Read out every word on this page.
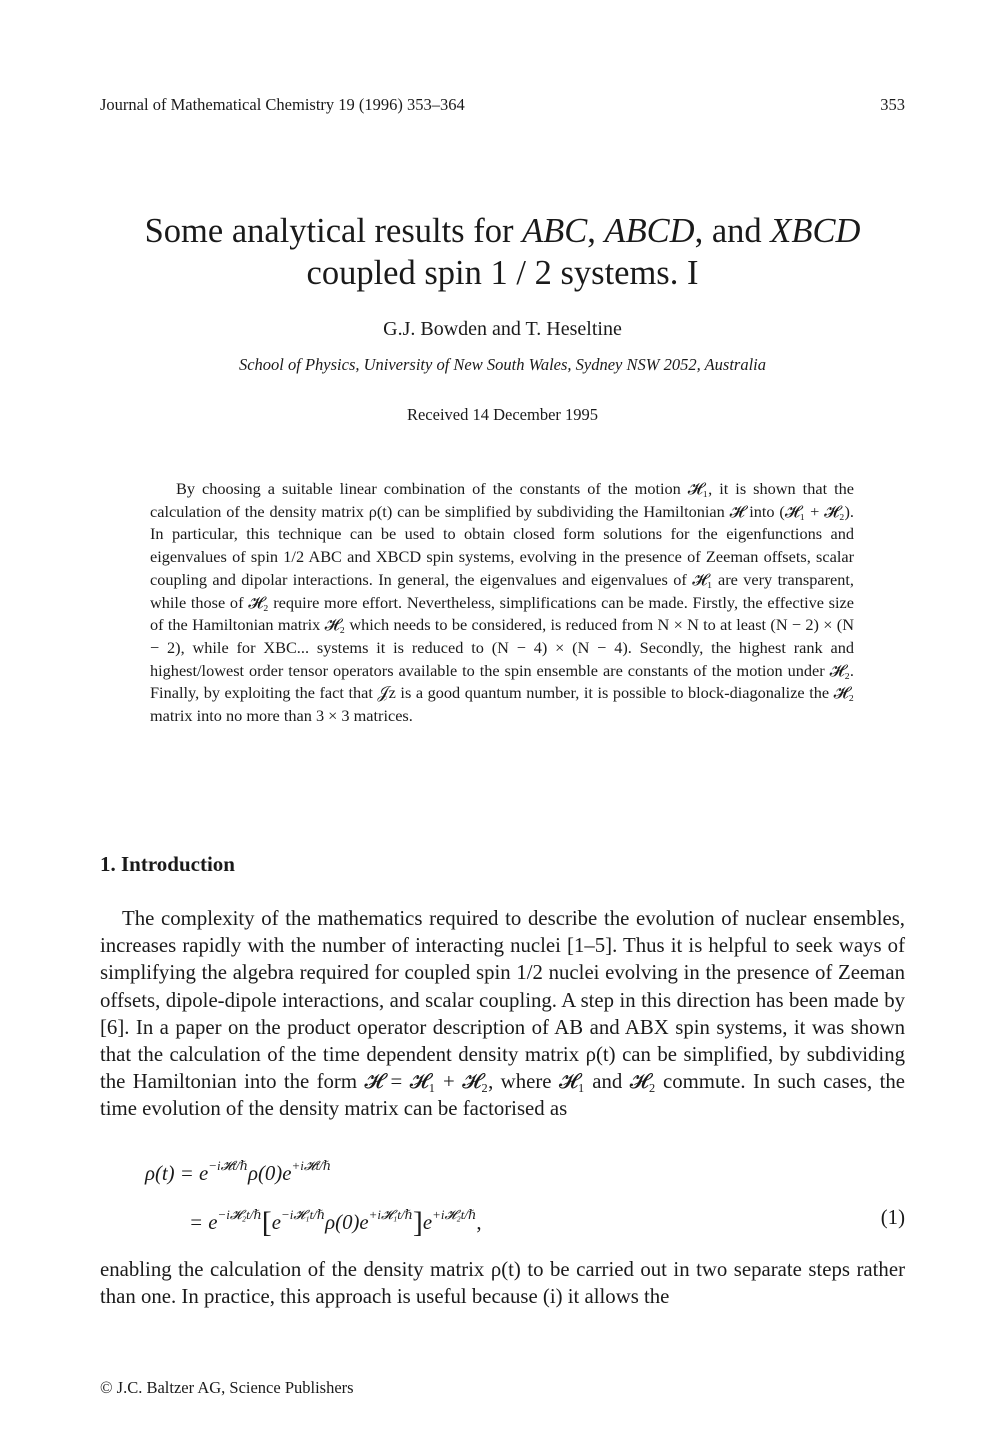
Journal of Mathematical Chemistry 19 (1996) 353–364	353
Some analytical results for ABC, ABCD, and XBCD
coupled spin 1 / 2 systems. I
G.J. Bowden and T. Heseltine
School of Physics, University of New South Wales, Sydney NSW 2052, Australia
Received 14 December 1995

By choosing a suitable linear combination of the constants of the motion 𝓗₁, it is shown that the calculation of the density matrix ρ(t) can be simplified by subdividing the Hamiltonian 𝓗 into (𝓗₁ + 𝓗₂). In particular, this technique can be used to obtain closed form solutions for the eigenfunctions and eigenvalues of spin 1/2 ABC and XBCD spin systems, evolving in the presence of Zeeman offsets, scalar coupling and dipolar interactions. In general, the eigenvalues and eigenvalues of 𝓗₁ are very transparent, while those of 𝓗₂ require more effort. Nevertheless, simplifications can be made. Firstly, the effective size of the Hamiltonian matrix 𝓗₂ which needs to be considered, is reduced from N × N to at least (N − 2) × (N − 2), while for XBC... systems it is reduced to (N − 4) × (N − 4). Secondly, the highest rank and highest/lowest order tensor operators available to the spin ensemble are constants of the motion under 𝓗₂. Finally, by exploiting the fact that 𝒥z is a good quantum number, it is possible to block-diagonalize the 𝓗₂ matrix into no more than 3 × 3 matrices.

1. Introduction

The complexity of the mathematics required to describe the evolution of nuclear ensembles, increases rapidly with the number of interacting nuclei [1–5]. Thus it is helpful to seek ways of simplifying the algebra required for coupled spin 1/2 nuclei evolving in the presence of Zeeman offsets, dipole-dipole interactions, and scalar coupling. A step in this direction has been made by [6]. In a paper on the product operator description of AB and ABX spin systems, it was shown that the calculation of the time dependent density matrix ρ(t) can be simplified, by subdividing the Hamiltonian into the form 𝓗 = 𝓗₁ + 𝓗₂, where 𝓗₁ and 𝓗₂ commute. In such cases, the time evolution of the density matrix can be factorised as

$\rho(t) = e^{-i𝓗t/\hbar}\rho(0)e^{+i𝓗t/\hbar}$
= $e^{-i𝓗_2t/\hbar}[e^{-i𝓗_1t/\hbar}\rho(0)e^{+i𝓗_1t/\hbar}]e^{+i𝓗_2t/\hbar}$,	(1)

enabling the calculation of the density matrix ρ(t) to be carried out in two separate steps rather than one. In practice, this approach is useful because (i) it allows the

© J.C. Baltzer AG, Science Publishers
